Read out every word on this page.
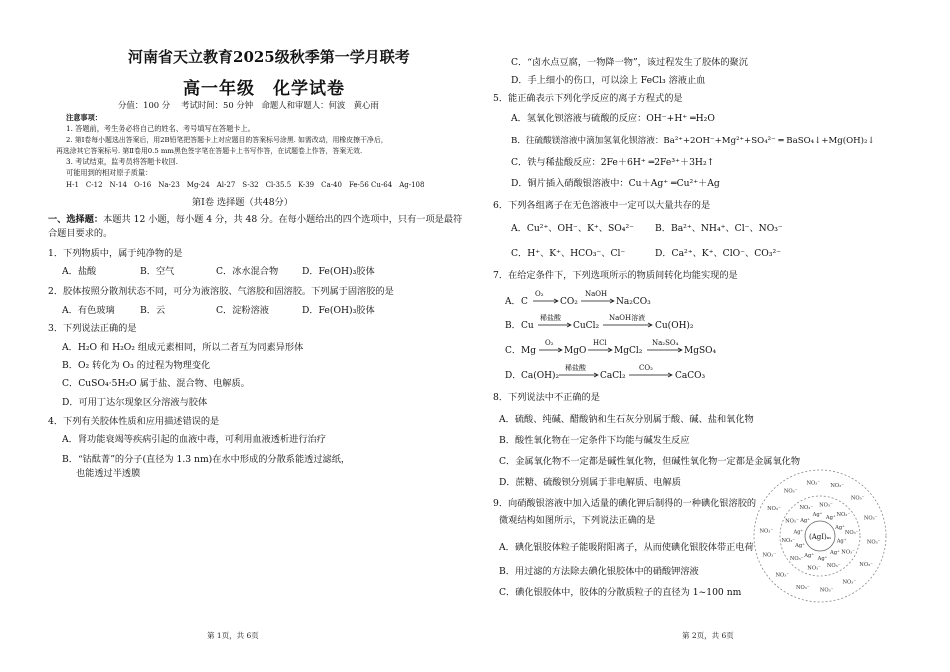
河南省天立教育2025级秋季第一学月联考
高一年级　化学试卷
分值：100 分　 考试时间：50 分钟　命题人和审题人：何波　黄心雨
注意事项：
1. 答题前，考生务必将自己的姓名、考号填写在答题卡上。
2. 第Ⅰ卷每小题选出答案后，用2B铅笔把答题卡上对应题目的答案标号涂黑. 如需改动，用橡皮擦干净后，
再选涂其它答案标号. 第Ⅱ卷用0.5 mm黑色签字笔在答题卡上书写作答，在试题卷上作答，答案无效.
3. 考试结束，监考员将答题卡收回.
可能用到的相对原子质量：
H-1　C-12　N-14　O-16　Na-23　Mg-24　Al-27　S-32　Cl-35.5　K-39　Ca-40　Fe-56 Cu-64　Ag-108
第Ⅰ卷 选择题（共48分）
一、选择题：本题共 12 小题，每小题 4 分，共 48 分。在每小题给出的四个选项中，只有一项是最符
合题目要求的。
1．下列物质中，属于纯净物的是
A．盐酸	B．空气	C．冰水混合物	D．Fe(OH)₃胶体
2．胶体按照分散剂状态不同，可分为液溶胶、气溶胶和固溶胶。下列属于固溶胶的是
A．有色玻璃	B．云	C．淀粉溶液	D．Fe(OH)₃胶体
3．下列说法正确的是
A．H₂O 和 H₂O₂ 组成元素相同，所以二者互为同素异形体
B．O₂ 转化为 O₃ 的过程为物理变化
C．CuSO₄·5H₂O 属于盐、混合物、电解质。
D．可用丁达尔现象区分溶液与胶体
4．下列有关胶体性质和应用描述错误的是
A．肾功能衰竭等疾病引起的血液中毒，可利用血液透析进行治疗
B．“钴酞菁”的分子(直径为 1.3 nm)在水中形成的分散系能透过滤纸，
也能透过半透膜
第 1页，共 6页
C．“卤水点豆腐，一物降一物”，该过程发生了胶体的聚沉
D．手上细小的伤口，可以涂上 FeCl₃ 溶液止血
5．能正确表示下列化学反应的离子方程式的是
A．氢氧化钡溶液与硫酸的反应：OH⁻+H⁺ ═H₂O
B．往硫酸镁溶液中滴加氢氧化钡溶液：Ba²⁺+2OH⁻+Mg²⁺+SO₄²⁻ ═ BaSO₄↓+Mg(OH)₂↓
C．铁与稀盐酸反应：2Fe＋6H⁺ ═2Fe³⁺＋3H₂↑
D．铜片插入硝酸银溶液中：Cu＋Ag⁺ ═Cu²⁺＋Ag
6．下列各组离子在无色溶液中一定可以大量共存的是
A．Cu²⁺、OH⁻、K⁺、SO₄²⁻ B．Ba²⁺、NH₄⁺、Cl⁻、NO₃⁻
C．H⁺、K⁺、HCO₃⁻、Cl⁻	D．Ca²⁺、K⁺、ClO⁻、CO₃²⁻
7．在给定条件下，下列选项所示的物质间转化均能实现的是
A． C
O₂
CO₂
NaOH
Na₂CO₃
B． Cu
稀盐酸
CuCl₂
NaOH溶液
Cu(OH)₂
C． Mg
O₂
MgO
HCl
MgCl₂
Na₂SO₄
MgSO₄
D． Ca(OH)₂
稀盐酸
CaCl₂
CO₂
CaCO₃
8．下列说法中不正确的是
A．硫酸、纯碱、醋酸钠和生石灰分别属于酸、碱、盐和氧化物
B．酸性氧化物在一定条件下均能与碱发生反应
C．金属氧化物不一定都是碱性氧化物，但碱性氧化物一定都是金属氧化物
D．蔗糖、硫酸钡分别属于非电解质、电解质
9．向硝酸银溶液中加入适量的碘化钾后制得的一种碘化银溶胶的
微观结构如图所示，下列说法正确的是
A．碘化银胶体粒子能吸附阳离子，从而使碘化银胶体带正电荷
B．用过滤的方法除去碘化银胶体中的硝酸钾溶液
C．碘化银胶体中，胶体的分散质粒子的直径为 1~100 nm
(AgI)ₘ
Ag⁺
Ag⁺
Ag⁺
Ag⁺
Ag⁺
Ag⁺
Ag⁺
Ag⁺ Ag⁺
Ag⁺
NO₃⁻
NO₃⁻
NO₃⁻
NO₃⁻
NO₃⁻
NO₃⁻
NO₃⁻ NO₃⁻
NO₃⁻
NO₃⁻
NO₃⁻
NO₃⁻
NO₃⁻
NO₃⁻
NO₃⁻
NO₃⁻
NO₃⁻
NO₃⁻
NO₃⁻
NO₃⁻
NO₃⁻ NO₃⁻
NO₃⁻
NO₃⁻
第 2页，共 6页
